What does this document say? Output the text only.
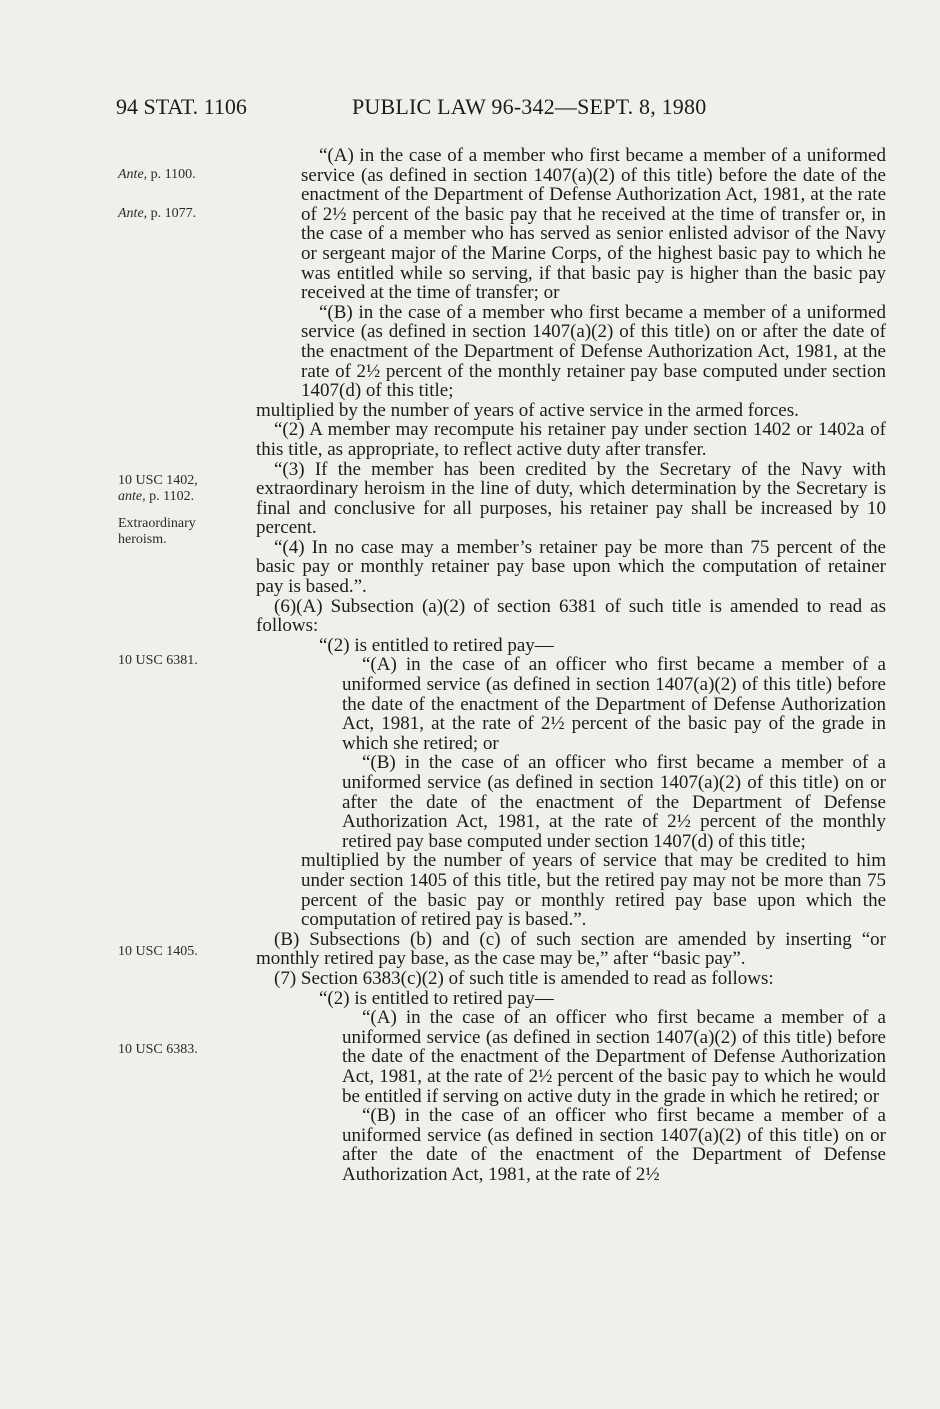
94 STAT. 1106	PUBLIC LAW 96-342—SEPT. 8, 1980
Ante, p. 1100.
Ante, p. 1077.
10 USC 1402,
ante, p. 1102.
Extraordinary
heroism.
10 USC 6381.
10 USC 1405.
10 USC 6383.

“(A) in the case of a member who first became a member of a uniformed service (as defined in section 1407(a)(2) of this title) before the date of the enactment of the Department of Defense Authorization Act, 1981, at the rate of 2½ percent of the basic pay that he received at the time of transfer or, in the case of a member who has served as senior enlisted advisor of the Navy or sergeant major of the Marine Corps, of the highest basic pay to which he was entitled while so serving, if that basic pay is higher than the basic pay received at the time of transfer; or

“(B) in the case of a member who first became a member of a uniformed service (as defined in section 1407(a)(2) of this title) on or after the date of the enactment of the Department of Defense Authorization Act, 1981, at the rate of 2½ percent of the monthly retainer pay base computed under section 1407(d) of this title;

multiplied by the number of years of active service in the armed forces.

“(2) A member may recompute his retainer pay under section 1402 or 1402a of this title, as appropriate, to reflect active duty after transfer.

“(3) If the member has been credited by the Secretary of the Navy with extraordinary heroism in the line of duty, which determination by the Secretary is final and conclusive for all purposes, his retainer pay shall be increased by 10 percent.

“(4) In no case may a member’s retainer pay be more than 75 percent of the basic pay or monthly retainer pay base upon which the computation of retainer pay is based.”.

(6)(A) Subsection (a)(2) of section 6381 of such title is amended to read as follows:

“(2) is entitled to retired pay—

“(A) in the case of an officer who first became a member of a uniformed service (as defined in section 1407(a)(2) of this title) before the date of the enactment of the Department of Defense Authorization Act, 1981, at the rate of 2½ percent of the basic pay of the grade in which she retired; or

“(B) in the case of an officer who first became a member of a uniformed service (as defined in section 1407(a)(2) of this title) on or after the date of the enactment of the Department of Defense Authorization Act, 1981, at the rate of 2½ percent of the monthly retired pay base computed under section 1407(d) of this title;

multiplied by the number of years of service that may be credited to him under section 1405 of this title, but the retired pay may not be more than 75 percent of the basic pay or monthly retired pay base upon which the computation of retired pay is based.”.

(B) Subsections (b) and (c) of such section are amended by inserting “or monthly retired pay base, as the case may be,” after “basic pay”.

(7) Section 6383(c)(2) of such title is amended to read as follows:

“(2) is entitled to retired pay—

“(A) in the case of an officer who first became a member of a uniformed service (as defined in section 1407(a)(2) of this title) before the date of the enactment of the Department of Defense Authorization Act, 1981, at the rate of 2½ percent of the basic pay to which he would be entitled if serving on active duty in the grade in which he retired; or

“(B) in the case of an officer who first became a member of a uniformed service (as defined in section 1407(a)(2) of this title) on or after the date of the enactment of the Department of Defense Authorization Act, 1981, at the rate of 2½
